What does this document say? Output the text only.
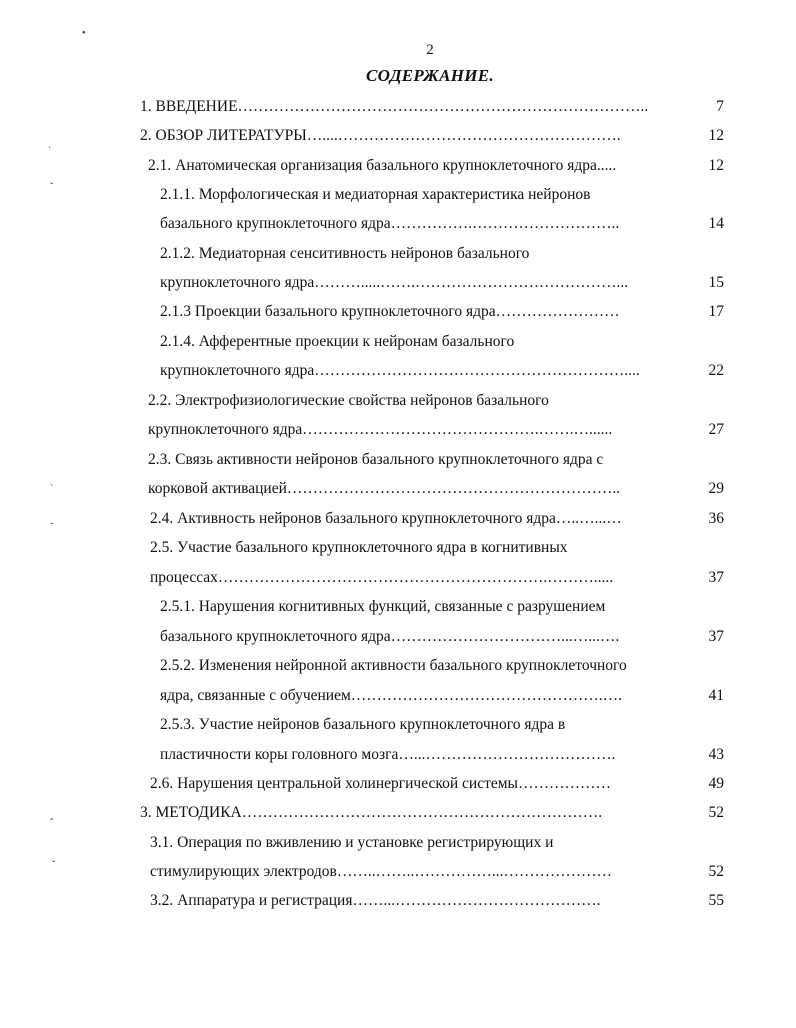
•
ˋ
ˇ
ˋ
ˇ
ˆ
ˇ
2
СОДЕРЖАНИЕ.
1. ВВЕДЕНИЕ……………………………………………………………………..	7
2. ОБЗОР ЛИТЕРАТУРЫ…....……………………………………………….	12
2.1. Анатомическая организация базального крупноклеточного ядра.....	12
2.1.1. Морфологическая и медиаторная характеристика нейронов
базального крупноклеточного ядра…………….………………………..	14
2.1.2. Медиаторная сенситивность нейронов базального
крупноклеточного ядра……….....…….…………………………………...	15
2.1.3 Проекции базального крупноклеточного ядра……………………	17
2.1.4. Афферентные проекции к нейронам базального
крупноклеточного ядра……………………………………………………....	22
2.2. Электрофизиологические свойства нейронов базального
крупноклеточного ядра……………………………………….…….…......	27
2.3. Связь активности нейронов базального крупноклеточного ядра с
корковой активацией………………………………………………………..	29
2.4. Активность нейронов базального крупноклеточного ядра…..…...…	36
2.5. Участие базального крупноклеточного ядра в когнитивных
процессах……………………………………………………….……….....	37
2.5.1. Нарушения когнитивных функций, связанные с разрушением
базального крупноклеточного ядра……………………………...…...….	37
2.5.2. Изменения нейронной активности базального крупноклеточного
ядра, связанные с обучением………………………………………….….	41
2.5.3. Участие нейронов базального крупноклеточного ядра в
пластичности коры головного мозга…...……………………………….	43
2.6. Нарушения центральной холинергической системы………………	49
3. МЕТОДИКА…………………………………………………………….	52
3.1. Операция по вживлению и установке регистрирующих и
стимулирующих электродов……..……..……………...…………………	52
3.2. Аппаратура и регистрация……...………………………………….	55
